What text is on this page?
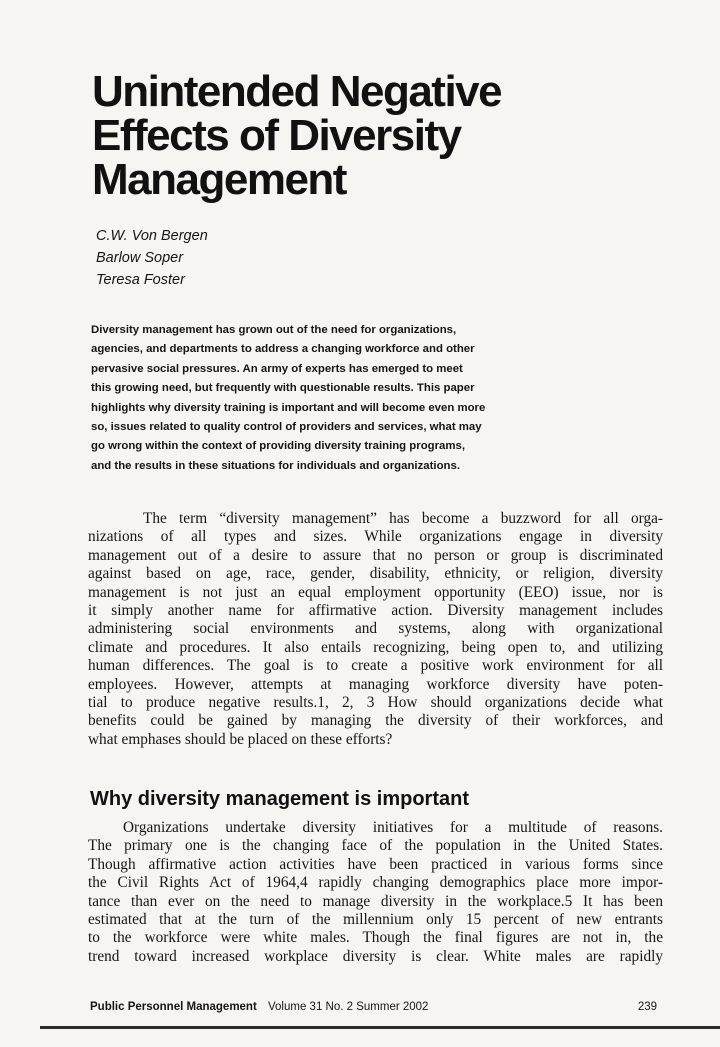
Unintended Negative
Effects of Diversity
Management
C.W. Von Bergen
Barlow Soper
Teresa Foster
Diversity management has grown out of the need for organizations,
agencies, and departments to address a changing workforce and other
pervasive social pressures. An army of experts has emerged to meet
this growing need, but frequently with questionable results. This paper
highlights why diversity training is important and will become even more
so, issues related to quality control of providers and services, what may
go wrong within the context of providing diversity training programs,
and the results in these situations for individuals and organizations.
The term “diversity management” has become a buzzword for all orga-
nizations of all types and sizes. While organizations engage in diversity
management out of a desire to assure that no person or group is discriminated
against based on age, race, gender, disability, ethnicity, or religion, diversity
management is not just an equal employment opportunity (EEO) issue, nor is
it simply another name for affirmative action. Diversity management includes
administering social environments and systems, along with organizational
climate and procedures. It also entails recognizing, being open to, and utilizing
human differences. The goal is to create a positive work environment for all
employees. However, attempts at managing workforce diversity have poten-
tial to produce negative results.1, 2, 3 How should organizations decide what
benefits could be gained by managing the diversity of their workforces, and
what emphases should be placed on these efforts?
Why diversity management is important
Organizations undertake diversity initiatives for a multitude of reasons.
The primary one is the changing face of the population in the United States.
Though affirmative action activities have been practiced in various forms since
the Civil Rights Act of 1964,4 rapidly changing demographics place more impor-
tance than ever on the need to manage diversity in the workplace.5 It has been
estimated that at the turn of the millennium only 15 percent of new entrants
to the workforce were white males. Though the final figures are not in, the
trend toward increased workplace diversity is clear. White males are rapidly
Public Personnel Management Volume 31 No. 2 Summer 2002	239
